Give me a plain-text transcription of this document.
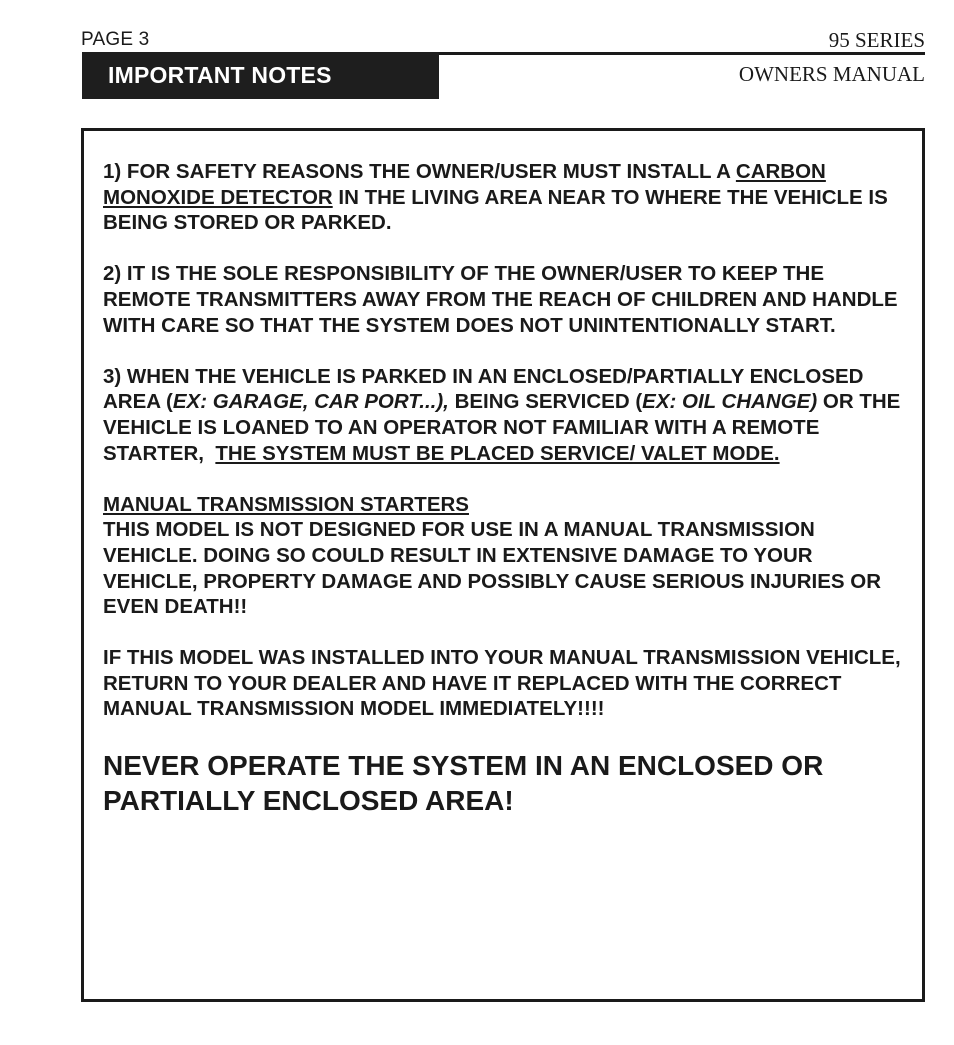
PAGE 3	95 SERIES
OWNERS MANUAL
IMPORTANT NOTES

1) FOR SAFETY REASONS THE OWNER/USER MUST INSTALL A CARBON MONOXIDE DETECTOR IN THE LIVING AREA NEAR TO WHERE THE VEHICLE IS BEING STORED OR PARKED.

2) IT IS THE SOLE RESPONSIBILITY OF THE OWNER/USER TO KEEP THE REMOTE TRANSMITTERS AWAY FROM THE REACH OF CHILDREN AND HANDLE WITH CARE SO THAT THE SYSTEM DOES NOT UNINTENTIONALLY START.

3) WHEN THE VEHICLE IS PARKED IN AN ENCLOSED/PARTIALLY ENCLOSED AREA (EX: GARAGE, CAR PORT...), BEING SERVICED (EX: OIL CHANGE) OR THE VEHICLE IS LOANED TO AN OPERATOR NOT FAMILIAR WITH A REMOTE STARTER,  THE SYSTEM MUST BE PLACED SERVICE/ VALET MODE.

MANUAL TRANSMISSION STARTERS

THIS MODEL IS NOT DESIGNED FOR USE IN A MANUAL TRANSMISSION VEHICLE. DOING SO COULD RESULT IN EXTENSIVE DAMAGE TO YOUR VEHICLE, PROPERTY DAMAGE AND POSSIBLY CAUSE SERIOUS INJURIES OR EVEN DEATH!!

IF THIS MODEL WAS INSTALLED INTO YOUR MANUAL TRANSMISSION VEHICLE, RETURN TO YOUR DEALER AND HAVE IT REPLACED WITH THE CORRECT MANUAL TRANSMISSION MODEL IMMEDIATELY!!!!

NEVER OPERATE THE SYSTEM IN AN ENCLOSED OR PARTIALLY ENCLOSED AREA!
